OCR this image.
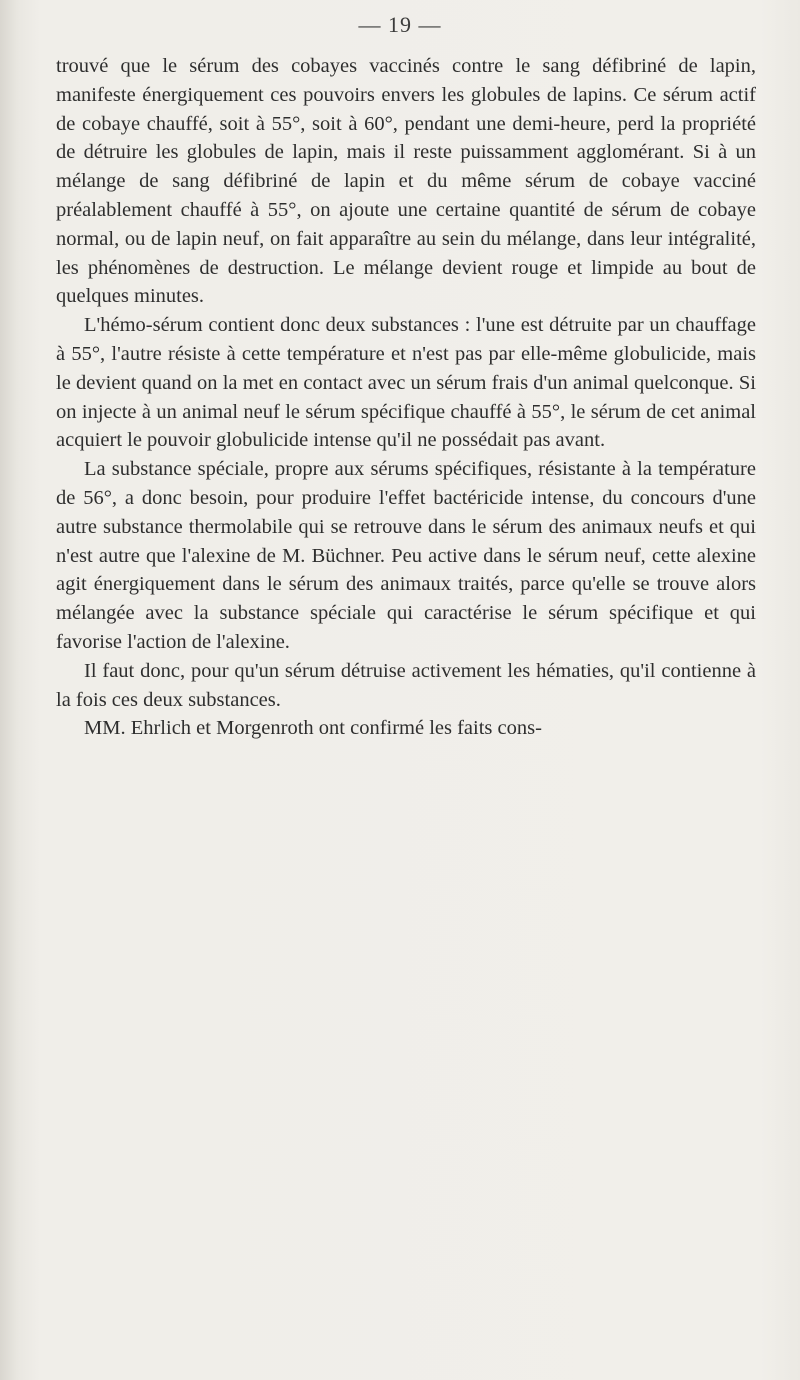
— 19 —

trouvé que le sérum des cobayes vaccinés contre le sang défibriné de lapin, manifeste énergiquement ces pouvoirs envers les globules de lapins. Ce sérum actif de cobaye chauffé, soit à 55°, soit à 60°, pendant une demi-heure, perd la propriété de détruire les globules de lapin, mais il reste puissamment agglomérant. Si à un mélange de sang défibriné de lapin et du même sérum de cobaye vacciné préalablement chauffé à 55°, on ajoute une certaine quantité de sérum de cobaye normal, ou de lapin neuf, on fait apparaître au sein du mélange, dans leur intégralité, les phénomènes de destruction. Le mélange devient rouge et limpide au bout de quelques minutes.

L'hémo-sérum contient donc deux substances : l'une est détruite par un chauffage à 55°, l'autre résiste à cette température et n'est pas par elle-même globulicide, mais le devient quand on la met en contact avec un sérum frais d'un animal quelconque. Si on injecte à un animal neuf le sérum spécifique chauffé à 55°, le sérum de cet animal acquiert le pouvoir globulicide intense qu'il ne possédait pas avant.

La substance spéciale, propre aux sérums spécifiques, résistante à la température de 56°, a donc besoin, pour produire l'effet bactéricide intense, du concours d'une autre substance thermolabile qui se retrouve dans le sérum des animaux neufs et qui n'est autre que l'alexine de M. Büchner. Peu active dans le sérum neuf, cette alexine agit énergiquement dans le sérum des animaux traités, parce qu'elle se trouve alors mélangée avec la substance spéciale qui caractérise le sérum spécifique et qui favorise l'action de l'alexine.

Il faut donc, pour qu'un sérum détruise activement les hématies, qu'il contienne à la fois ces deux substances.

MM. Ehrlich et Morgenroth ont confirmé les faits cons-
